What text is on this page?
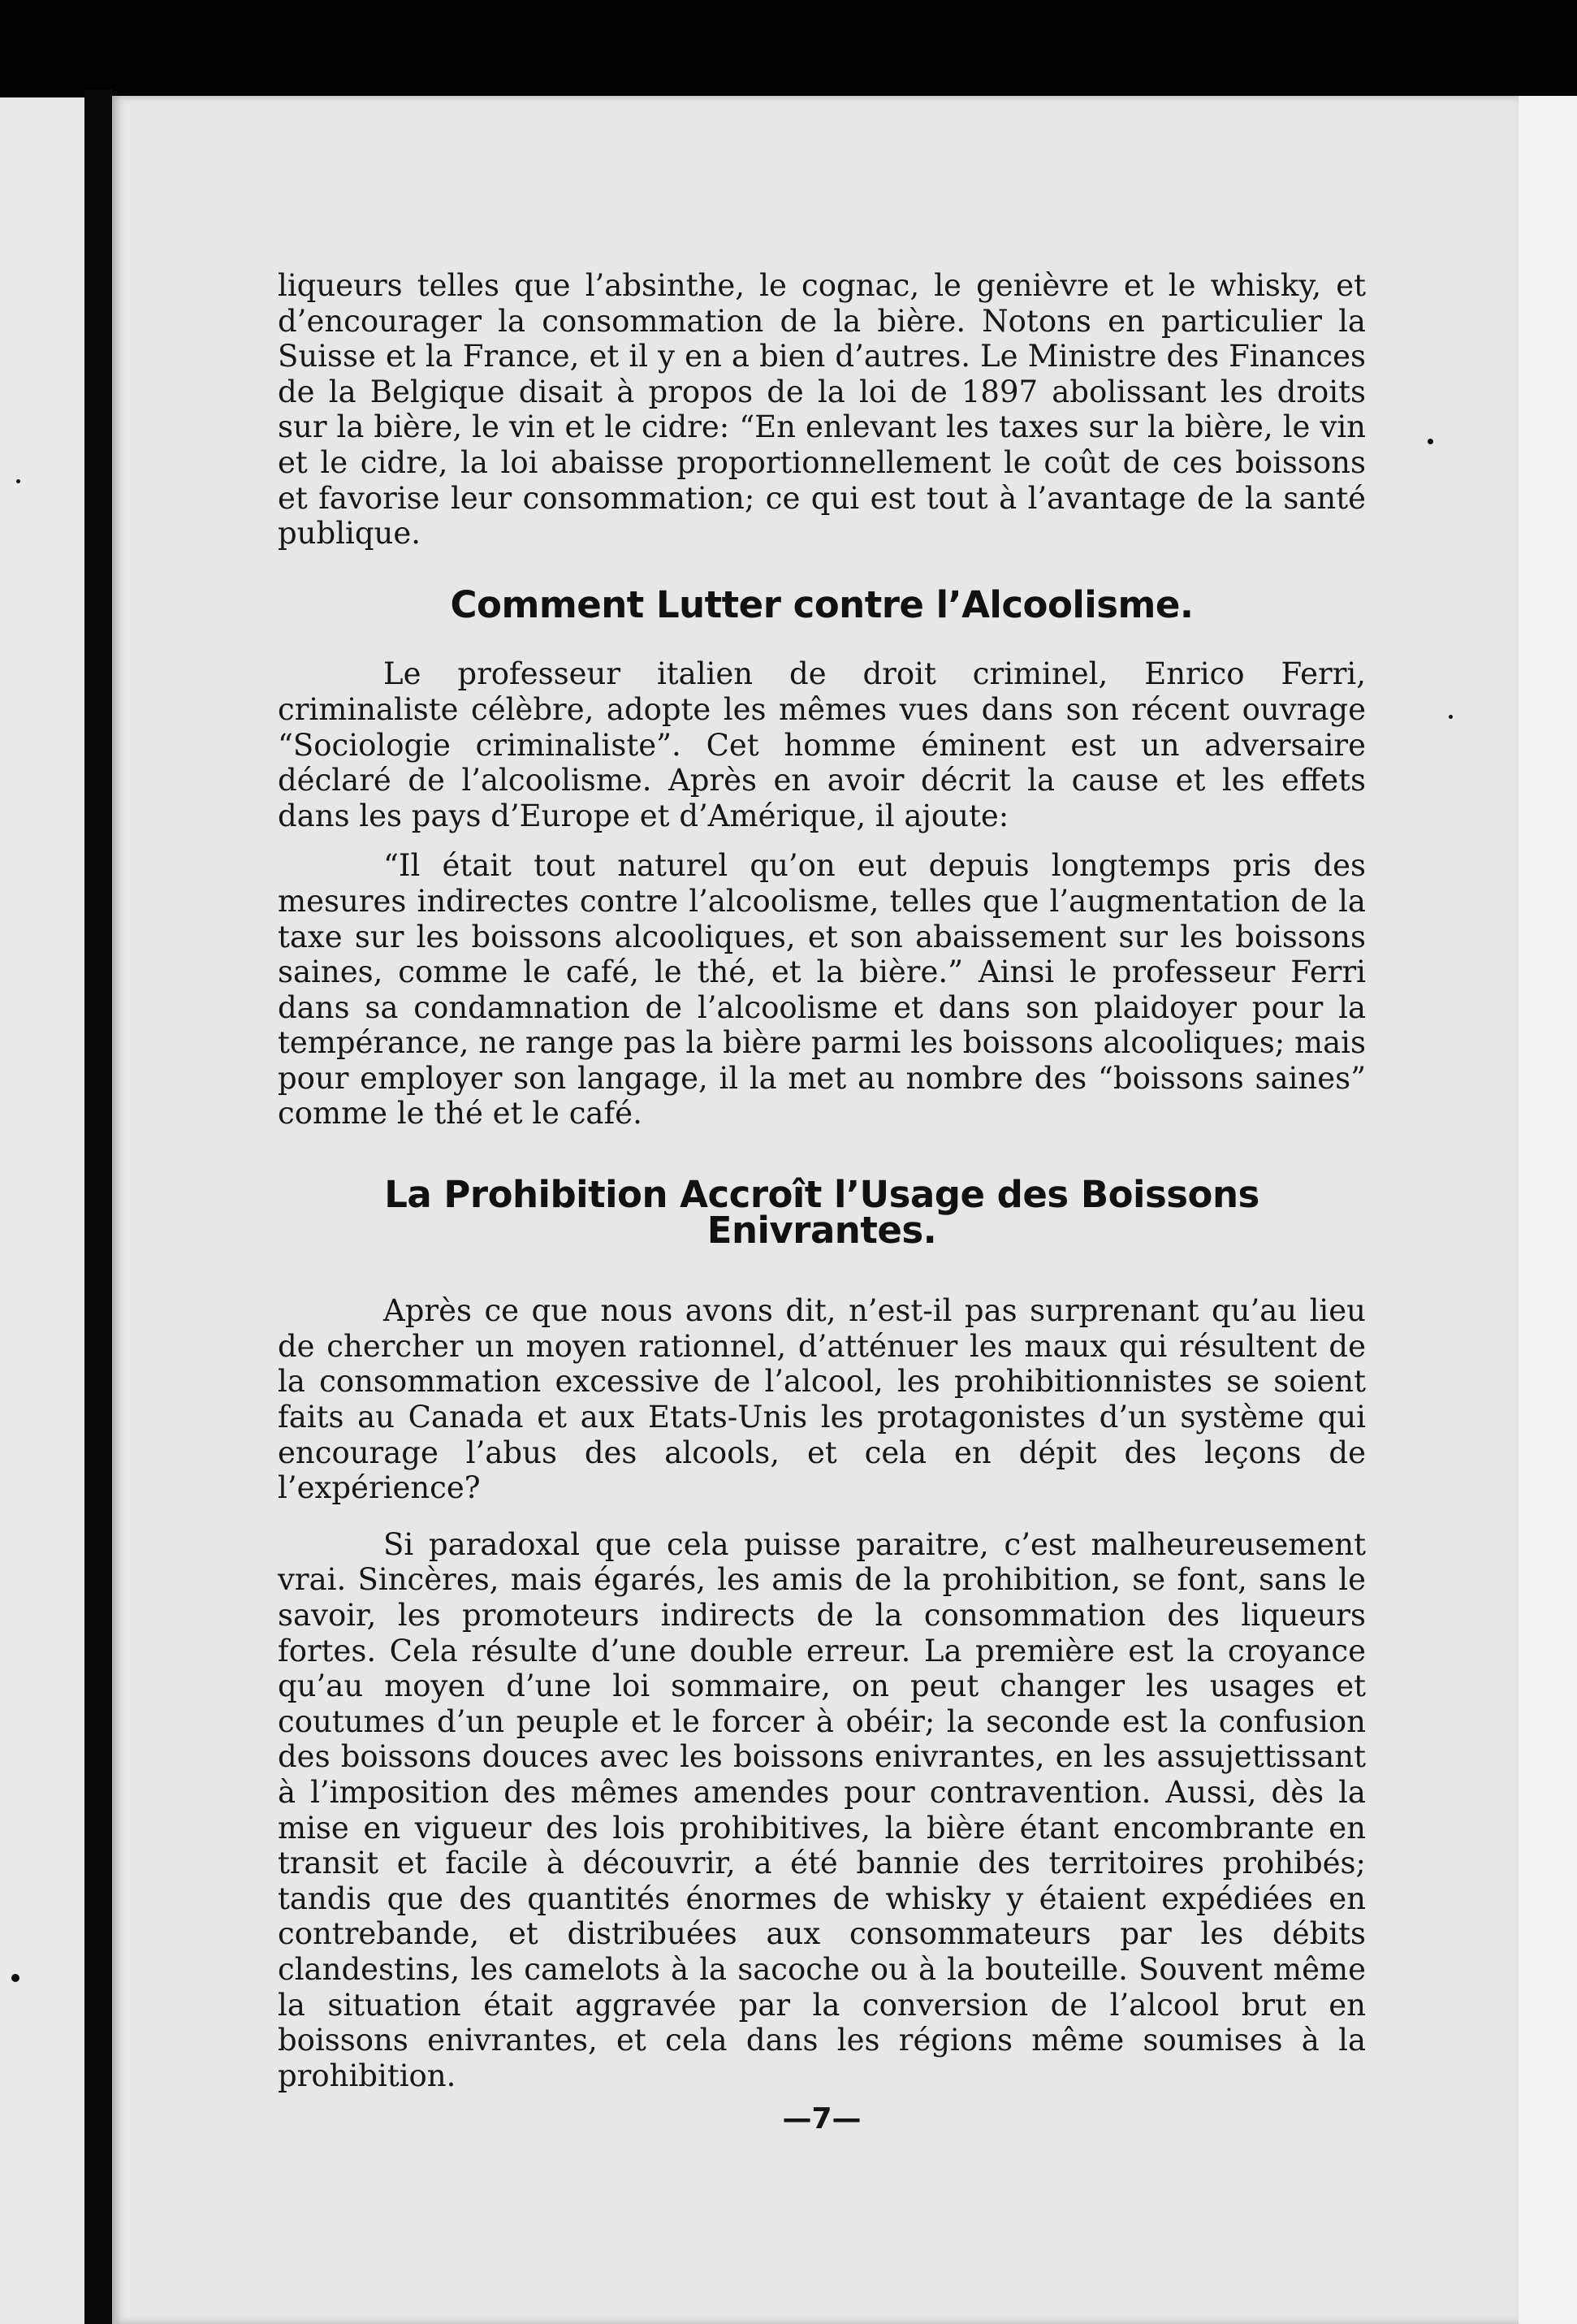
liqueurs telles que l’absinthe, le cognac, le genièvre et le whisky, et d’encourager la consommation de la bière. Notons en particulier la Suisse et la France, et il y en a bien d’autres. Le Ministre des Finances de la Belgique disait à propos de la loi de 1897 abolissant les droits sur la bière, le vin et le cidre: “En enlevant les taxes sur la bière, le vin et le cidre, la loi abaisse proportionnellement le coût de ces boissons et favorise leur consommation; ce qui est tout à l’avantage de la santé publique.

Comment Lutter contre l’Alcoolisme.

Le professeur italien de droit criminel, Enrico Ferri, criminaliste célèbre, adopte les mêmes vues dans son récent ouvrage “Sociologie criminaliste”. Cet homme éminent est un adversaire déclaré de l’alcoolisme. Après en avoir décrit la cause et les effets dans les pays d’Europe et d’Amérique, il ajoute:

“Il était tout naturel qu’on eut depuis longtemps pris des mesures indirectes contre l’alcoolisme, telles que l’augmentation de la taxe sur les boissons alcooliques, et son abaissement sur les boissons saines, comme le café, le thé, et la bière.” Ainsi le professeur Ferri dans sa condamnation de l’alcoolisme et dans son plaidoyer pour la tempérance, ne range pas la bière parmi les boissons alcooliques; mais pour employer son langage, il la met au nombre des “boissons saines” comme le thé et le café.

La Prohibition Accroît l’Usage des Boissons Enivrantes.

Après ce que nous avons dit, n’est-il pas surprenant qu’au lieu de chercher un moyen rationnel, d’atténuer les maux qui résultent de la consommation excessive de l’alcool, les prohibitionnistes se soient faits au Canada et aux Etats-Unis les protagonistes d’un système qui encourage l’abus des alcools, et cela en dépit des leçons de l’expérience?

Si paradoxal que cela puisse paraitre, c’est malheureusement vrai. Sincères, mais égarés, les amis de la prohibition, se font, sans le savoir, les promoteurs indirects de la consommation des liqueurs fortes. Cela résulte d’une double erreur. La première est la croyance qu’au moyen d’une loi sommaire, on peut changer les usages et coutumes d’un peuple et le forcer à obéir; la seconde est la confusion des boissons douces avec les boissons enivrantes, en les assujettissant à l’imposition des mêmes amendes pour contravention. Aussi, dès la mise en vigueur des lois prohibitives, la bière étant encombrante en transit et facile à découvrir, a été bannie des territoires prohibés; tandis que des quantités énormes de whisky y étaient expédiées en contrebande, et distribuées aux consommateurs par les débits clandestins, les camelots à la sacoche ou à la bouteille. Souvent même la situation était aggravée par la conversion de l’alcool brut en boissons enivrantes, et cela dans les régions même soumises à la prohibition.

—7—
